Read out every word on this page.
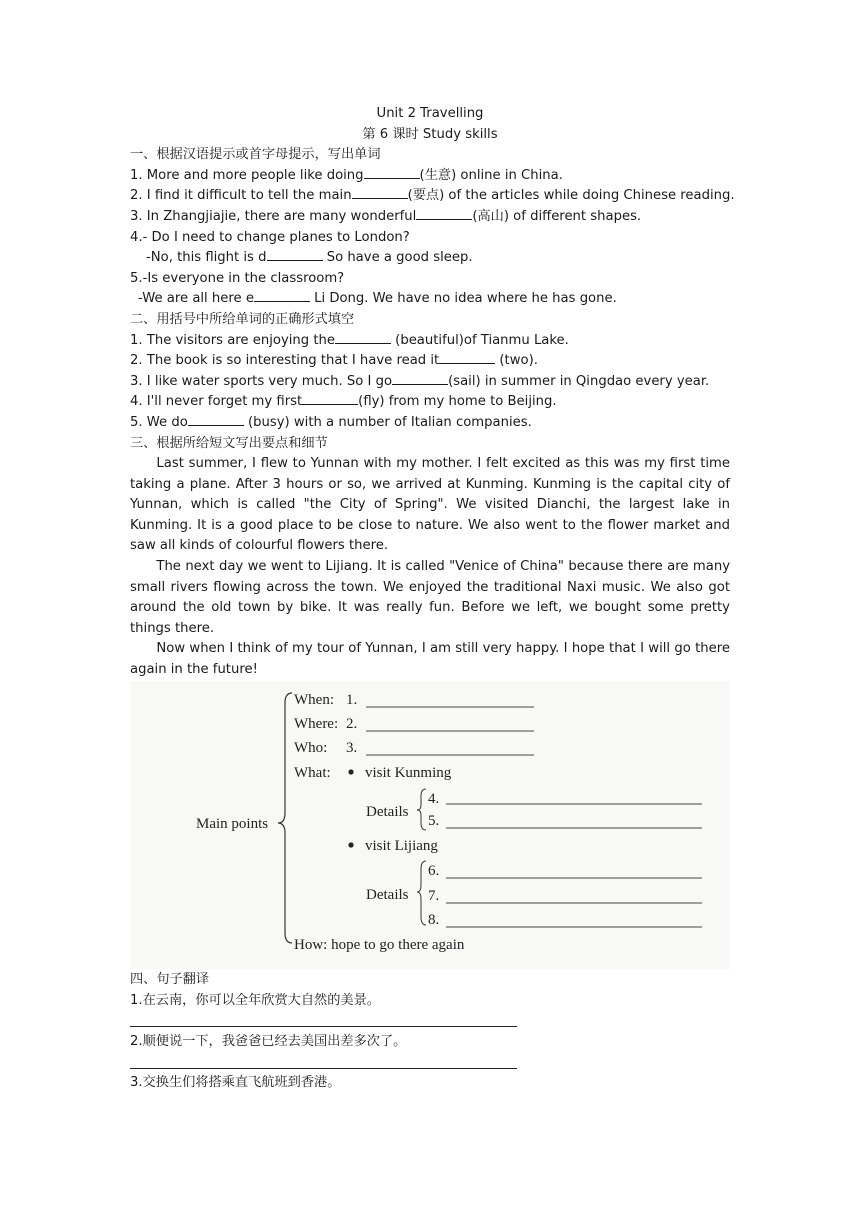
Unit 2 Travelling
第 6 课时 Study skills
一、根据汉语提示或首字母提示，写出单词
1. More and more people like doing	(生意) online in China.
2. I find it difficult to tell the main	(要点) of the articles while doing Chinese reading.
3. In Zhangjiajie, there are many wonderful	(高山) of different shapes.
4.- Do I need to change planes to London?
-No, this flight is d	So have a good sleep.
5.-Is everyone in the classroom?
-We are all here e	Li Dong. We have no idea where he has gone.
二、用括号中所给单词的正确形式填空
1. The visitors are enjoying the	(beautiful)of Tianmu Lake.
2. The book is so interesting that I have read it	(two).
3. I like water sports very much. So I go	(sail) in summer in Qingdao every year.
4. I'll never forget my first	(fly) from my home to Beijing.
5. We do	(busy) with a number of Italian companies.
三、根据所给短文写出要点和细节

Last summer, I flew to Yunnan with my mother. I felt excited as this was my first time taking a plane. After 3 hours or so, we arrived at Kunming. Kunming is the capital city of Yunnan, which is called "the City of Spring". We visited Dianchi, the largest lake in Kunming. It is a good place to be close to nature. We also went to the flower market and saw all kinds of colourful flowers there.

The next day we went to Lijiang. It is called "Venice of China" because there are many small rivers flowing across the town. We enjoyed the traditional Naxi music. We also got around the old town by bike. It was really fun. Before we left, we bought some pretty things there.

Now when I think of my tour of Yunnan, I am still very happy. I hope that I will go there again in the future!

Main points
When: 1.
Where: 2.
Who: 3.
What: visit Kunming
Details
4.
5.
visit Lijiang
Details
6.
7.
8.
How: hope to go there again
四、句子翻译
1.在云南，你可以全年欣赏大自然的美景。
2.顺便说一下，我爸爸已经去美国出差多次了。
3.交换生们将搭乘直飞航班到香港。
